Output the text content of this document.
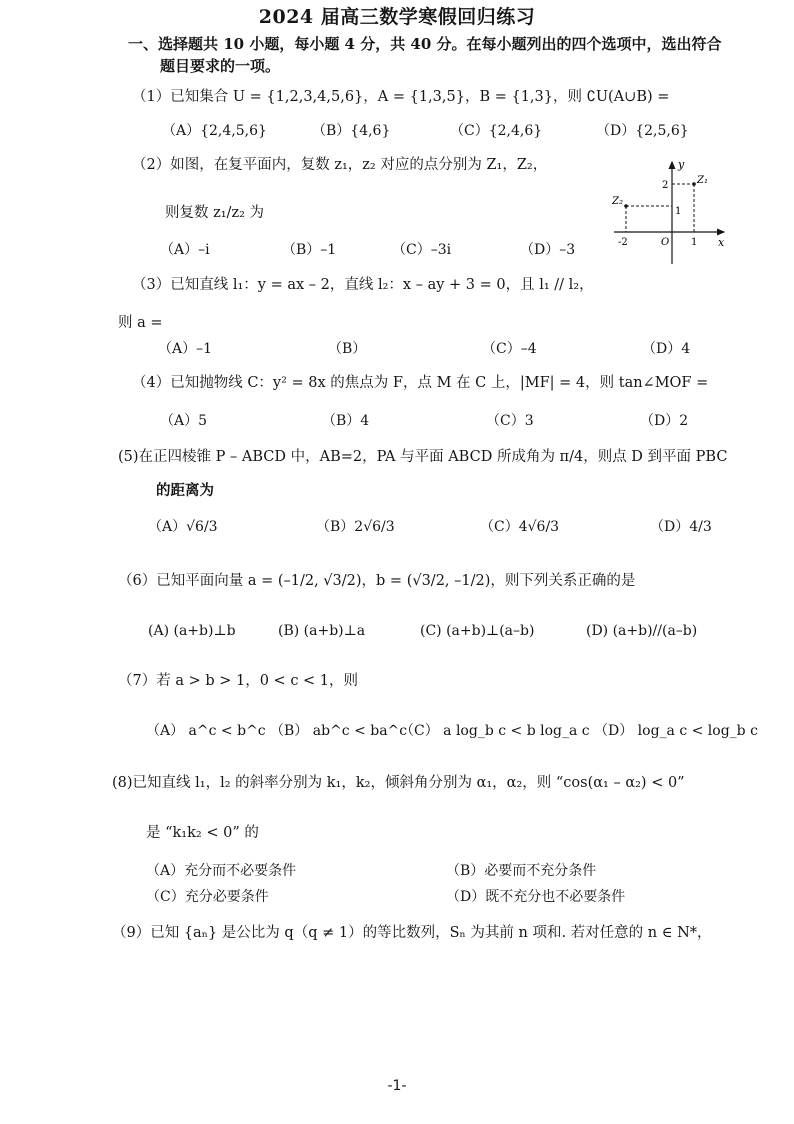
2024 届高三数学寒假回归练习
一、选择题共 10 小题，每小题 4 分，共 40 分。在每小题列出的四个选项中，选出符合
题目要求的一项。
（1）已知集合 U = {1,2,3,4,5,6}，A = {1,3,5}，B = {1,3}，则 ∁U(A∪B) =
（A）{2,4,5,6}	（B）{4,6}	（C）{2,4,6}	（D）{2,5,6}
（2）如图，在复平面内，复数 z₁，z₂ 对应的点分别为 Z₁，Z₂，
则复数 z₁/z₂ 为
（A）–i	（B）–1	（C）–3i	（D）–3
y
x
O
-2	1
2
1
Z₁
Z₂
（3）已知直线 l₁：y = ax – 2，直线 l₂：x – ay + 3 = 0，且 l₁ // l₂，
则 a =
（A）–1	（B）	（C）–4	（D）4
（4）已知抛物线 C：y² = 8x 的焦点为 F，点 M 在 C 上，|MF| = 4，则 tan∠MOF =
（A）5	（B）4	（C）3	（D）2
(5)在正四棱锥 P – ABCD 中，AB=2，PA 与平面 ABCD 所成角为 π/4，则点 D 到平面 PBC
的距离为
（A）√6/3	（B）2√6/3	（C）4√6/3	（D）4/3
（6）已知平面向量 a = (–1/2, √3/2)，b = (√3/2, –1/2)，则下列关系正确的是
(A) (a+b)⊥b	(B) (a+b)⊥a	(C) (a+b)⊥(a–b)	(D) (a+b)//(a–b)
（7）若 a > b > 1，0 < c < 1，则
（A） a^c < b^c （B） ab^c < ba^c
（C） a log_b c < b log_a c （D） log_a c < log_b c
(8)已知直线 l₁，l₂ 的斜率分别为 k₁，k₂，倾斜角分别为 α₁，α₂，则 “cos(α₁ – α₂) < 0”
是 “k₁k₂ < 0” 的
（A）充分而不必要条件	（B）必要而不充分条件
（C）充分必要条件	（D）既不充分也不必要条件
（9）已知 {aₙ} 是公比为 q（q ≠ 1）的等比数列，Sₙ 为其前 n 项和. 若对任意的 n ∈ N*，
-1-
